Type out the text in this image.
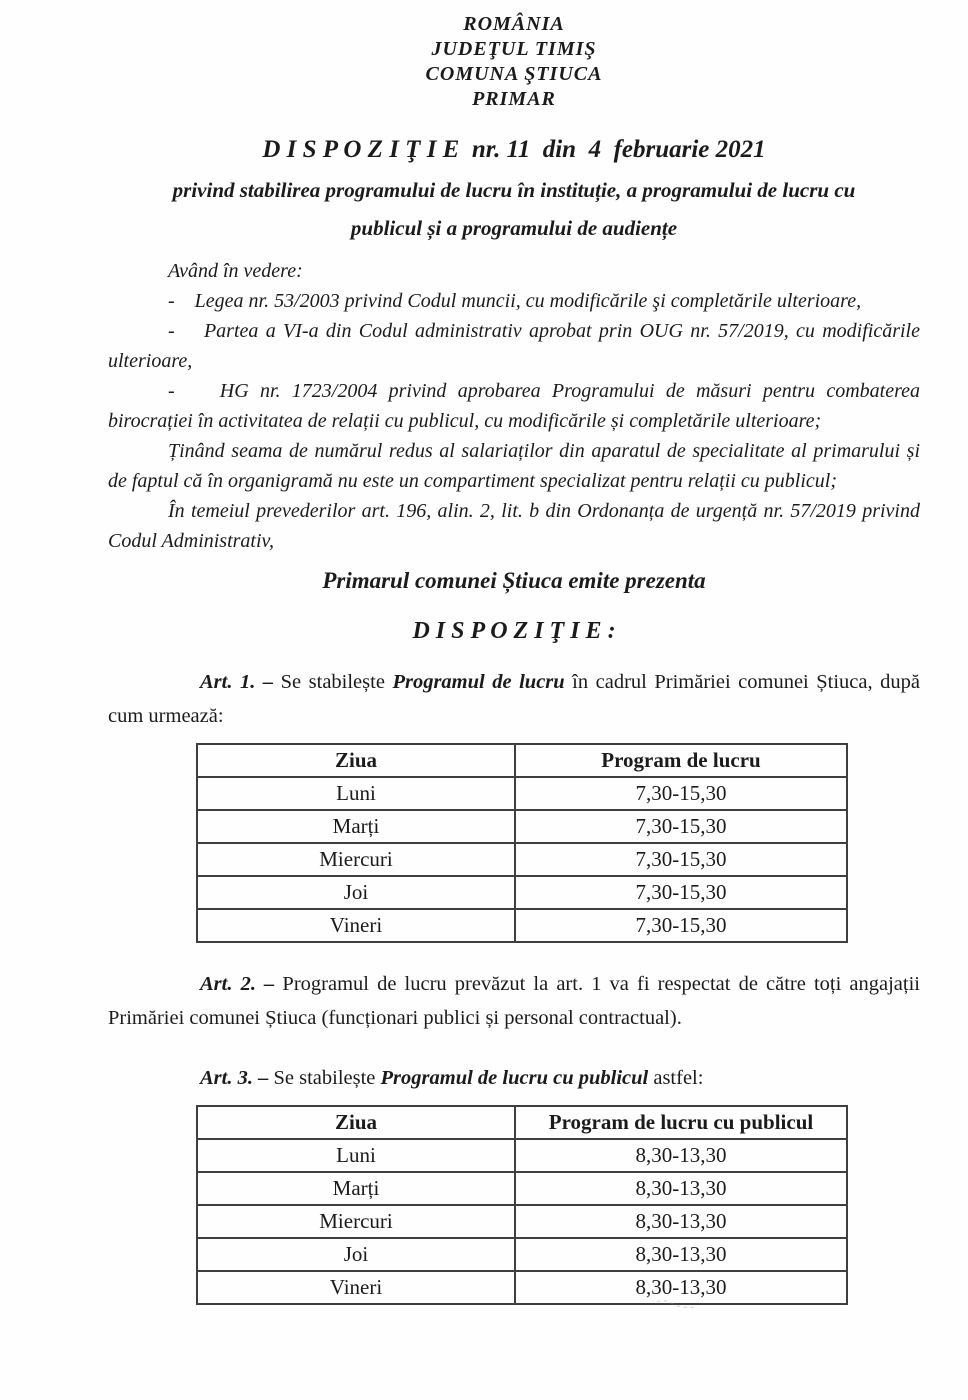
ROMÂNIA
JUDEŢUL TIMIŞ
COMUNA ŞTIUCA
PRIMAR
D I S P O Z I Ţ I E  nr. 11  din  4  februarie 2021
privind stabilirea programului de lucru în instituție, a programului de lucru cu
publicul și a programului de audiențe

Având în vedere:

-    Legea nr. 53/2003 privind Codul muncii, cu modificările şi completările ulterioare,

-    Partea a VI-a din Codul administrativ aprobat prin OUG nr. 57/2019, cu modificările ulterioare,

-    HG nr. 1723/2004 privind aprobarea Programului de măsuri pentru combaterea birocrației în activitatea de relații cu publicul, cu modificările și completările ulterioare;

Ținând seama de numărul redus al salariaților din aparatul de specialitate al primarului și de faptul că în organigramă nu este un compartiment specializat pentru relații cu publicul;

În temeiul prevederilor art. 196, alin. 2, lit. b din Ordonanța de urgență nr. 57/2019 privind Codul Administrativ,

Primarul comunei Știuca emite prezenta
D I S P O Z I Ţ I E :

Art. 1. – Se stabilește Programul de lucru în cadrul Primăriei comunei Știuca, după cum urmează:

Ziua	Program de lucru
Luni	7,30-15,30
Marți	7,30-15,30
Miercuri	7,30-15,30
Joi	7,30-15,30
Vineri	7,30-15,30

Art. 2. – Programul de lucru prevăzut la art. 1 va fi respectat de către toți angajații Primăriei comunei Știuca (funcționari publici și personal contractual).

Art. 3. – Se stabilește Programul de lucru cu publicul astfel:

Ziua	Program de lucru cu publicul
Luni	8,30-13,30
Marți	8,30-13,30
Miercuri	8,30-13,30
Joi	8,30-13,30
Vineri	8,30-13,30
